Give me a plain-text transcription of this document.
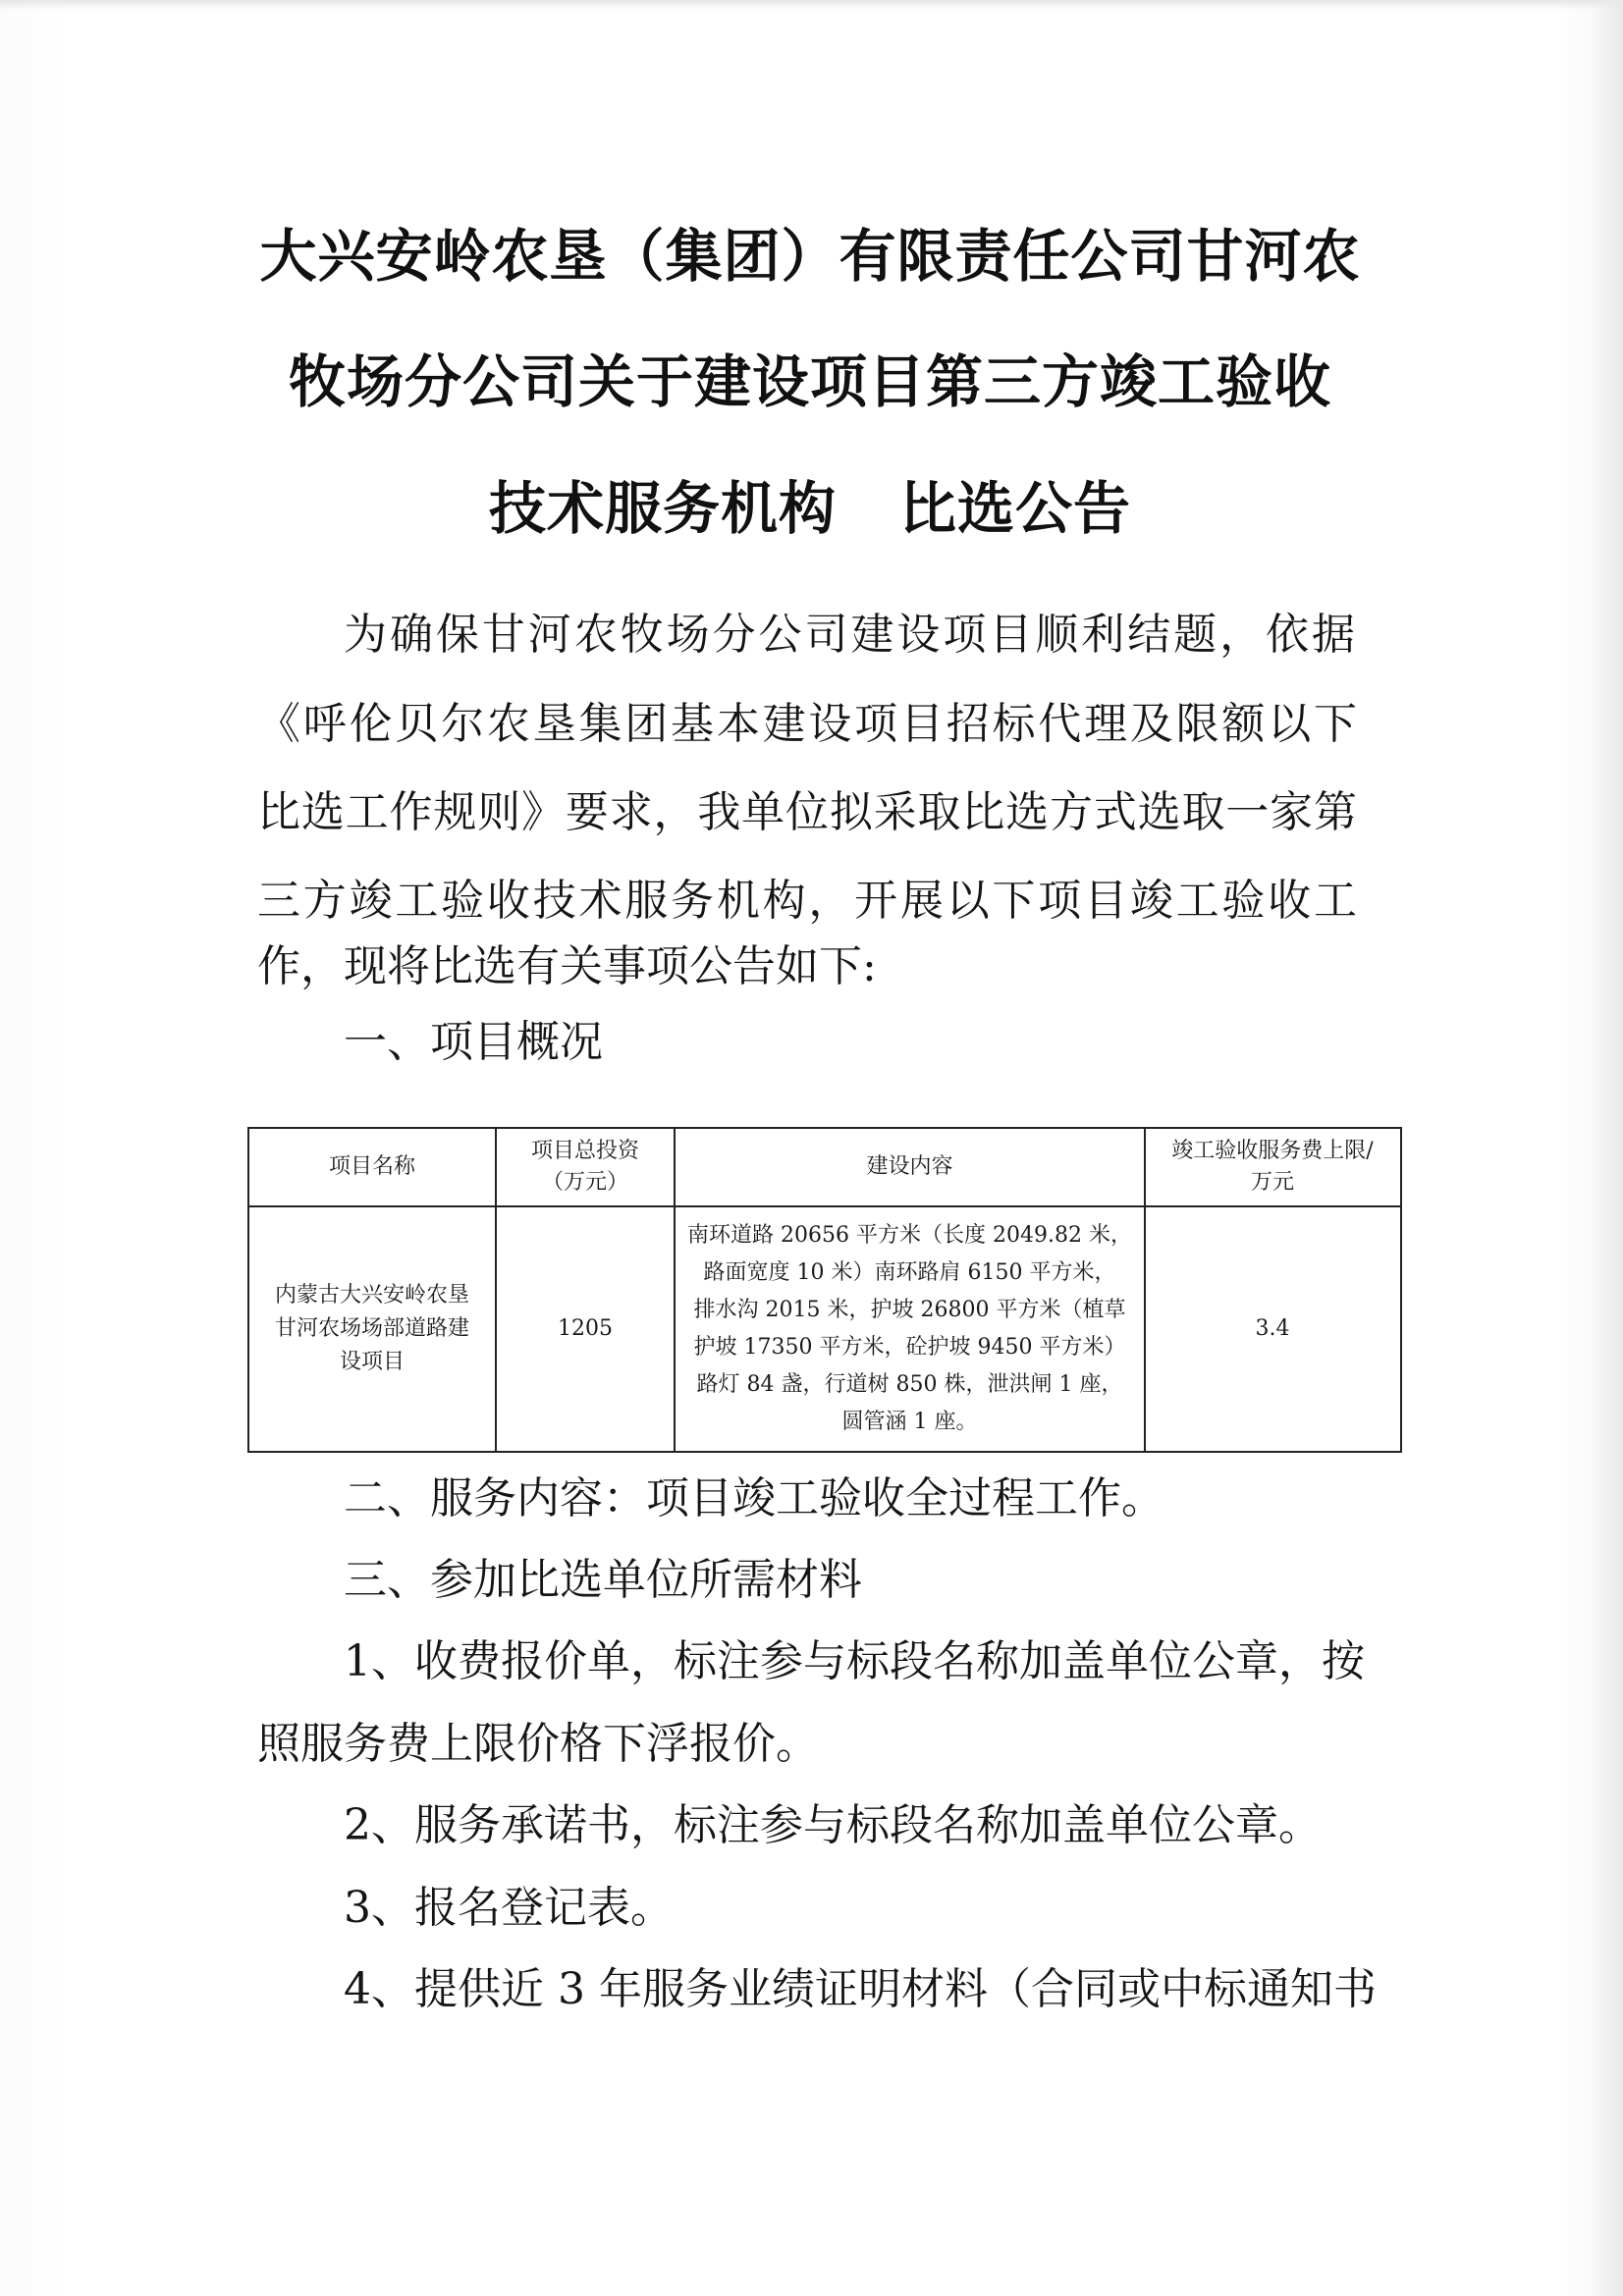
大兴安岭农垦（集团）有限责任公司甘河农
牧场分公司关于建设项目第三方竣工验收
技术服务机构 比选公告
为确保甘河农牧场分公司建设项目顺利结题，依据
《呼伦贝尔农垦集团基本建设项目招标代理及限额以下
比选工作规则》要求，我单位拟采取比选方式选取一家第
三方竣工验收技术服务机构，开展以下项目竣工验收工
作，现将比选有关事项公告如下:
一、项目概况
项目名称
项目总投资
（万元）
建设内容
竣工验收服务费上限/
万元
内蒙古大兴安岭农垦
甘河农场场部道路建
设项目
1205
南环道路 20656 平方米（长度 2049.82 米，
路面宽度 10 米）南环路肩 6150 平方米，
排水沟 2015 米，护坡 26800 平方米（植草
护坡 17350 平方米，砼护坡 9450 平方米）
路灯 84 盏，行道树 850 株，泄洪闸 1 座，
圆管涵 1 座。
3.4
二、服务内容：项目竣工验收全过程工作。
三、参加比选单位所需材料
1、收费报价单，标注参与标段名称加盖单位公章，按
照服务费上限价格下浮报价。
2、服务承诺书，标注参与标段名称加盖单位公章。
3、报名登记表。
4、提供近 3 年服务业绩证明材料（合同或中标通知书
